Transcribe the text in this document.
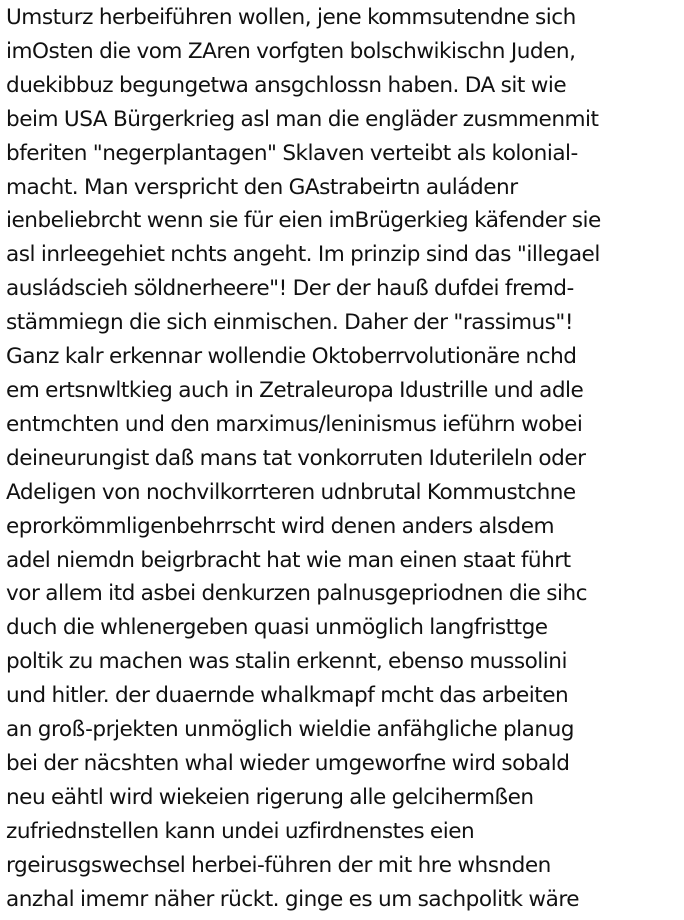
Umsturz herbeiführen wollen, jene kommsutendne sich
imOsten die vom ZAren vorfgten bolschwikischn Juden,
duekibbuz begungetwa ansgchlossn haben. DA sit wie
beim USA Bürgerkrieg asl man die engläder zusmmenmit
bferiten "negerplantagen" Sklaven verteibt als kolonial-
macht. Man verspricht den GAstrabeirtn auládenr
ienbeliebrcht wenn sie für eien imBrügerkieg käfender sie
asl inrleegehiet nchts angeht. Im prinzip sind das "illegael
ausládscieh söldnerheere"! Der der hauß dufdei fremd-
stämmiegn die sich einmischen. Daher der "rassimus"!
Ganz kalr erkennar wollendie Oktoberrvolutionäre nchd
em ertsnwltkieg auch in Zetraleuropa Idustrille und adle
entmchten und den marximus/leninismus ieführn wobei
deineurungist daß mans tat vonkorruten Iduterileln oder
Adeligen von nochvilkorrteren udnbrutal Kommustchne
eprorkömmligenbehrrscht wird denen anders alsdem
adel niemdn beigrbracht hat wie man einen staat führt
vor allem itd asbei denkurzen palnusgepriodnen die sihc
duch die whlenergeben quasi unmöglich langfristtge
poltik zu machen was stalin erkennt, ebenso mussolini
und hitler. der duaernde whalkmapf mcht das arbeiten
an groß-prjekten unmöglich wieldie anfähgliche planug
bei der näcshten whal wieder umgeworfne wird sobald
neu eähtl wird wiekeien rigerung alle gelcihermßen
zufriednstellen kann undei uzfirdnenstes eien
rgeirusgswechsel herbei-führen der mit hre whsnden
anzhal imemr näher rückt. ginge es um sachpolitk wäre
